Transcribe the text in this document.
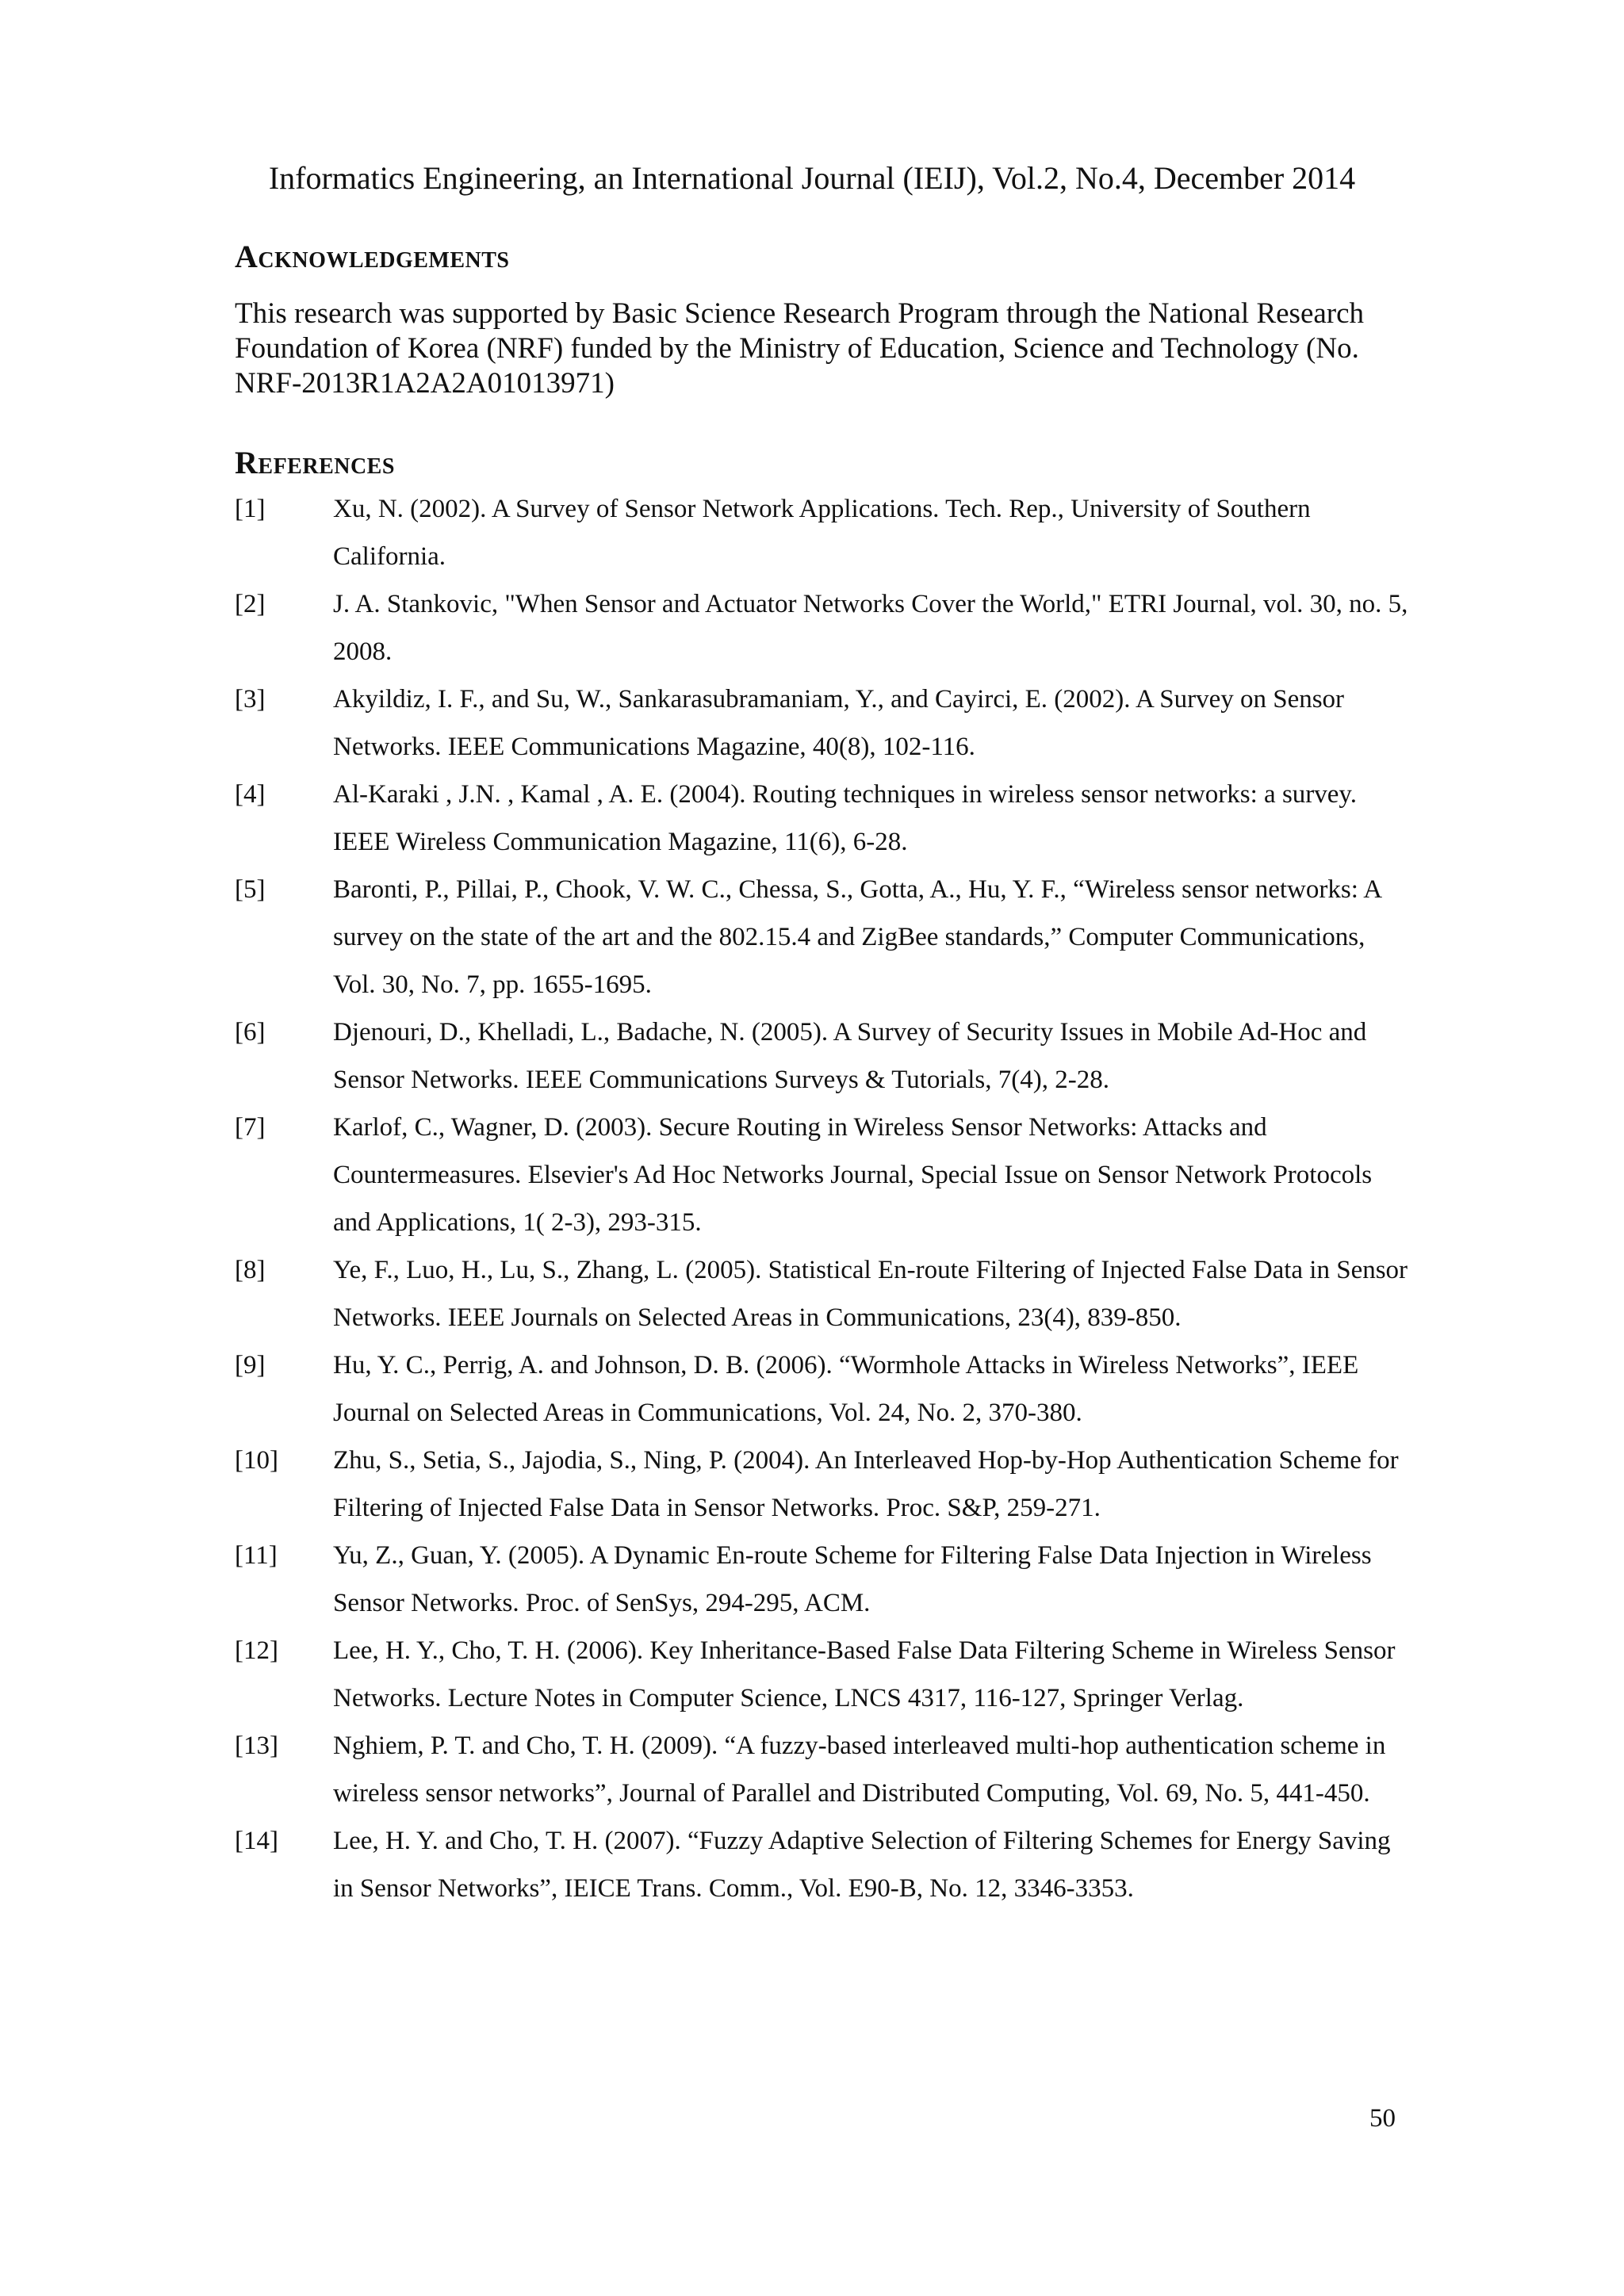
Informatics Engineering, an International Journal (IEIJ), Vol.2, No.4, December 2014
Acknowledgements
This research was supported by Basic Science Research Program through the National Research Foundation of Korea (NRF) funded by the Ministry of Education, Science and Technology (No. NRF-2013R1A2A2A01013971)
References
[1]	Xu, N. (2002). A Survey of Sensor Network Applications. Tech. Rep., University of Southern California.
[2]	J. A. Stankovic, "When Sensor and Actuator Networks Cover the World," ETRI Journal, vol. 30, no. 5, 2008.
[3]	Akyildiz, I. F., and Su, W., Sankarasubramaniam, Y., and Cayirci, E. (2002). A Survey on Sensor Networks. IEEE Communications Magazine, 40(8), 102-116.
[4]	Al-Karaki , J.N. , Kamal , A. E. (2004). Routing techniques in wireless sensor networks: a survey. IEEE Wireless Communication Magazine, 11(6), 6-28.
[5]	Baronti, P., Pillai, P., Chook, V. W. C., Chessa, S., Gotta, A., Hu, Y. F., “Wireless sensor networks: A survey on the state of the art and the 802.15.4 and ZigBee standards,” Computer Communications, Vol. 30, No. 7, pp. 1655-1695.
[6]	Djenouri, D., Khelladi, L., Badache, N. (2005). A Survey of Security Issues in Mobile Ad-Hoc and Sensor Networks. IEEE Communications Surveys & Tutorials, 7(4), 2-28.
[7]	Karlof, C., Wagner, D. (2003). Secure Routing in Wireless Sensor Networks: Attacks and Countermeasures. Elsevier's Ad Hoc Networks Journal, Special Issue on Sensor Network Protocols and Applications, 1( 2-3), 293-315.
[8]	Ye, F., Luo, H., Lu, S., Zhang, L. (2005). Statistical En-route Filtering of Injected False Data in Sensor Networks. IEEE Journals on Selected Areas in Communications, 23(4), 839-850.
[9]	Hu, Y. C., Perrig, A. and Johnson, D. B. (2006). “Wormhole Attacks in Wireless Networks”, IEEE Journal on Selected Areas in Communications, Vol. 24, No. 2, 370-380.
[10] Zhu, S., Setia, S., Jajodia, S., Ning, P. (2004). An Interleaved Hop-by-Hop Authentication Scheme for Filtering of Injected False Data in Sensor Networks. Proc. S&P, 259-271.
[11] Yu, Z., Guan, Y. (2005). A Dynamic En-route Scheme for Filtering False Data Injection in Wireless Sensor Networks. Proc. of SenSys, 294-295, ACM.
[12] Lee, H. Y., Cho, T. H. (2006). Key Inheritance-Based False Data Filtering Scheme in Wireless Sensor Networks. Lecture Notes in Computer Science, LNCS 4317, 116-127, Springer Verlag.
[13] Nghiem, P. T. and Cho, T. H. (2009). “A fuzzy-based interleaved multi-hop authentication scheme in wireless sensor networks”, Journal of Parallel and Distributed Computing, Vol. 69, No. 5, 441-450.
[14] Lee, H. Y. and Cho, T. H. (2007). “Fuzzy Adaptive Selection of Filtering Schemes for Energy Saving in Sensor Networks”, IEICE Trans. Comm., Vol. E90-B, No. 12, 3346-3353.
50
